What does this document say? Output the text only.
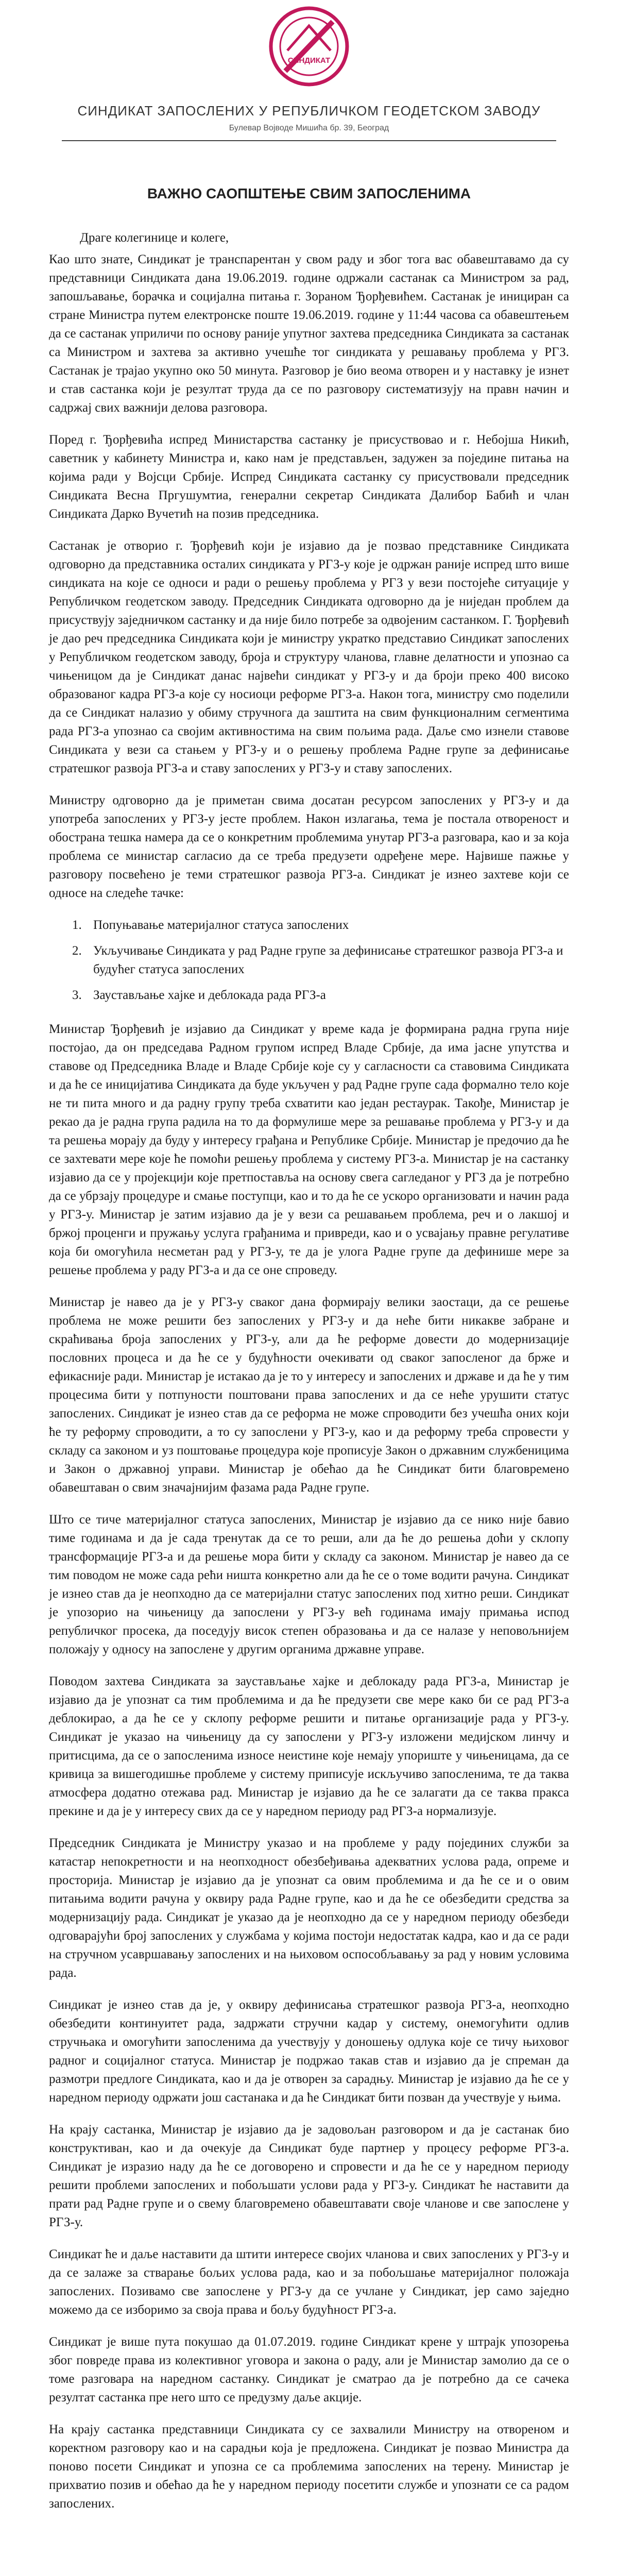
СИНДИКАТ
СИНДИКАТ ЗАПОСЛЕНИХ У РЕПУБЛИЧКОМ ГЕОДЕТСКОМ ЗАВОДУ
Булевар Војводе Мишића бр. 39, Београд
ВАЖНО САОПШТЕЊЕ СВИМ ЗАПОСЛЕНИМА
Драге колегинице и колеге,

Као што знате, Синдикат је транспарентан у свом раду и због тога вас обавештавамо да су представници Синдиката дана 19.06.2019. године одржали састанак са Министром за рад, запошљавање, борачка и социјална питања г. Зораном Ђорђевићем. Састанак је инициран са стране Министра путем електронске поште 19.06.2019. године у 11:44 часова са обавештењем да се састанак уприличи по основу раније упутног захтева председника Синдиката за састанак са Министром и захтева за активно учешће тог синдиката у решавању проблема у РГЗ. Састанак је трајао укупно око 50 минута. Разговор је био веома отворен и у наставку је изнет и став састанка који је резултат труда да се по разговору систематизују на правн начин и садржај свих важнији делова разговора.

Поред г. Ђорђевића испред Министарства састанку је присуствовао и г. Небојша Никић, саветник у кабинету Министра и, како нам је представљен, задужен за поједине питања на којима ради у Војсци Србије. Испред Синдиката састанку су присуствовали председник Синдиката Весна Пргушумтиа, генерални секретар Синдиката Далибор Бабић и члан Синдиката Дарко Вучетић на позив председника.

Састанак је отворио г. Ђорђевић који је изјавио да је позвао представнике Синдиката одговорно да представника осталих синдиката у РГЗ-у које је одржан раније испред што више синдиката на које се односи и ради о решењу проблема у РГЗ у вези постојеће ситуације у Републичком геодетском заводу. Председник Синдиката одговорно да је ниједан проблем да присуствују заједничком састанку и да није било потребе за одвојеним састанком. Г. Ђорђевић је дао реч председника Синдиката који је министру укратко представио Синдикат запослених у Републичком геодетском заводу, броја и структуру чланова, главне делатности и упознао са чињеницом да је Синдикат данас највећи синдикат у РГЗ-у и да броји преко 400 високо образованог кадра РГЗ-а које су носиоци реформе РГЗ-а. Након тога, министру смо поделили да се Синдикат налазио у обиму стручнога да заштита на свим функционалним сегментима рада РГЗ-а упознао са својим активностима на свим пољима рада. Даље смо изнели ставове Синдиката у вези са стањем у РГЗ-у и о решењу проблема Радне групе за дефинисање стратешког развоја РГЗ-а и ставу запослених у РГЗ-у и ставу запослених.

Министру одговорно да је приметан свима досатан ресурсом запослених у РГЗ-у и да употреба запослених у РГЗ-у јесте проблем. Након излагања, тема је постала отвореност и обострана тешка намера да се о конкретним проблемима унутар РГЗ-а разговара, као и за која проблема се министар сагласио да се треба предузети одређене мере. Највише пажње у разговору посвећено је теми стратешког развоја РГЗ-а. Синдикат је изнео захтеве који се односе на следеће тачке:

1. Попуњавање материјалног статуса запослених
2. Укључивање Синдиката у рад Радне групе за дефинисање стратешког развоја РГЗ-а и будућег статуса запослених
3. Заустављање хајке и деблокада рада РГЗ-а

Министар Ђорђевић је изјавио да Синдикат у време када је формирана радна група није постојао, да он председава Радном групом испред Владе Србије, да има јасне упутства и ставове од Председника Владе и Владе Србије које су у сагласности са ставовима Синдиката и да ће се иницијатива Синдиката да буде укључен у рад Радне групе сада формално тело које не ти пита много и да радну групу треба схватити као један рестаурак. Такође, Министар је рекао да је радна група радила на то да формулише мере за решавање проблема у РГЗ-у и да та решења морају да буду у интересу грађана и Републике Србије. Министар је предочио да ће се захтевати мере које ће помоћи решењу проблема у систему РГЗ-а. Министар је на састанку изјавио да се у пројекцији које претпоставља на основу свега сагледаног у РГЗ да је потребно да се убрзају процедуре и смање поступци, као и то да ће се ускоро организовати и начин рада у РГЗ-у. Министар је затим изјавио да је у вези са решавањем проблема, реч и о лакшој и бржој проценги и пружању услуга грађанима и привреди, као и о усвајању правне регулативе која би омогућила несметан рад у РГЗ-у, те да је улога Радне групе да дефинише мере за решење проблема у раду РГЗ-а и да се оне спроведу.

Министар је навео да је у РГЗ-у сваког дана формирају велики заостаци, да се решење проблема не може решити без запослених у РГЗ-у и да неће бити никакве забране и скраћивања броја запослених у РГЗ-у, али да ће реформе довести до модернизације пословних процеса и да ће се у будућности очекивати од сваког запосленог да брже и ефикасније ради. Министар је истакао да је то у интересу и запослених и државе и да ће у тим процесима бити у потпуности поштовани права запослених и да се неће урушити статус запослених. Синдикат је изнео став да се реформа не може спроводити без учешћа оних који ће ту реформу спроводити, а то су запослени у РГЗ-у, као и да реформу треба спровести у складу са законом и уз поштовање процедура које прописује Закон о државним службеницима и Закон о државној управи. Министар је обећао да ће Синдикат бити благовремено обавештаван о свим значајнијим фазама рада Радне групе.

Што се тиче материјалног статуса запослених, Министар је изјавио да се нико није бавио тиме годинама и да је сада тренутак да се то реши, али да ће до решења доћи у склопу трансформације РГЗ-а и да решење мора бити у складу са законом. Министар је навео да се тим поводом не може сада рећи ништа конкретно али да ће се о томе водити рачуна. Синдикат је изнео став да је неопходно да се материјални статус запослених под хитно реши. Синдикат је упозорио на чињеницу да запослени у РГЗ-у већ годинама имају примања испод републичког просека, да поседују висок степен образовања и да се налазе у неповољнијем положају у односу на запослене у другим органима државне управе.

Поводом захтева Синдиката за заустављање хајке и деблокаду рада РГЗ-а, Министар је изјавио да је упознат са тим проблемима и да ће предузети све мере како би се рад РГЗ-а деблокирао, а да ће се у склопу реформе решити и питање организације рада у РГЗ-у. Синдикат је указао на чињеницу да су запослени у РГЗ-у изложени медијском линчу и притисцима, да се о запосленима износе неистине које немају упориште у чињеницама, да се кривица за вишегодишње проблеме у систему приписује искључиво запосленима, те да таква атмосфера додатно отежава рад. Министар је изјавио да ће се залагати да се таква пракса прекине и да је у интересу свих да се у наредном периоду рад РГЗ-а нормализује.

Председник Синдиката је Министру указао и на проблеме у раду појединих служби за катастар непокретности и на неопходност обезбеђивања адекватних услова рада, опреме и просторија. Министар је изјавио да је упознат са овим проблемима и да ће се и о овим питањима водити рачуна у оквиру рада Радне групе, као и да ће се обезбедити средства за модернизацију рада. Синдикат је указао да је неопходно да се у наредном периоду обезбеди одговарајући број запослених у службама у којима постоји недостатак кадра, као и да се ради на стручном усавршавању запослених и на њиховом оспособљавању за рад у новим условима рада.

Синдикат је изнео став да је, у оквиру дефинисања стратешког развоја РГЗ-а, неопходно обезбедити континуитет рада, задржати стручни кадар у систему, онемогућити одлив стручњака и омогућити запосленима да учествују у доношењу одлука које се тичу њиховог радног и социјалног статуса. Министар је подржао такав став и изјавио да је спреман да размотри предлоге Синдиката, као и да је отворен за сарадњу. Министар је изјавио да ће се у наредном периоду одржати још састанака и да ће Синдикат бити позван да учествује у њима.

На крају састанка, Министар је изјавио да је задовољан разговором и да је састанак био конструктиван, као и да очекује да Синдикат буде партнер у процесу реформе РГЗ-а. Синдикат је изразио наду да ће се договорено и спровести и да ће се у наредном периоду решити проблеми запослених и побољшати услови рада у РГЗ-у. Синдикат ће наставити да прати рад Радне групе и о свему благовремено обавештавати своје чланове и све запослене у РГЗ-у.

Синдикат ће и даље наставити да штити интересе својих чланова и свих запослених у РГЗ-у и да се залаже за стварање бољих услова рада, као и за побољшање материјалног положаја запослених. Позивамо све запослене у РГЗ-у да се учлане у Синдикат, јер само заједно можемо да се изборимо за своја права и бољу будућност РГЗ-а.

Синдикат је више пута покушао да 01.07.2019. године Синдикат крене у штрајк упозорења због повреде права из колективног уговора и закона о раду, али је Министар замолио да се о томе разговара на наредном састанку. Синдикат је сматрао да је потребно да се сачека резултат састанка пре него што се предузму даље акције.

На крају састанка представници Синдиката су се захвалили Министру на отвореном и коректном разговору као и на сарадњи која је предложена. Синдикат је позвао Министра да поново посети Синдикат и упозна се са проблемима запослених на терену. Министар је прихватио позив и обећао да ће у наредном периоду посетити службе и упознати се са радом запослених.
